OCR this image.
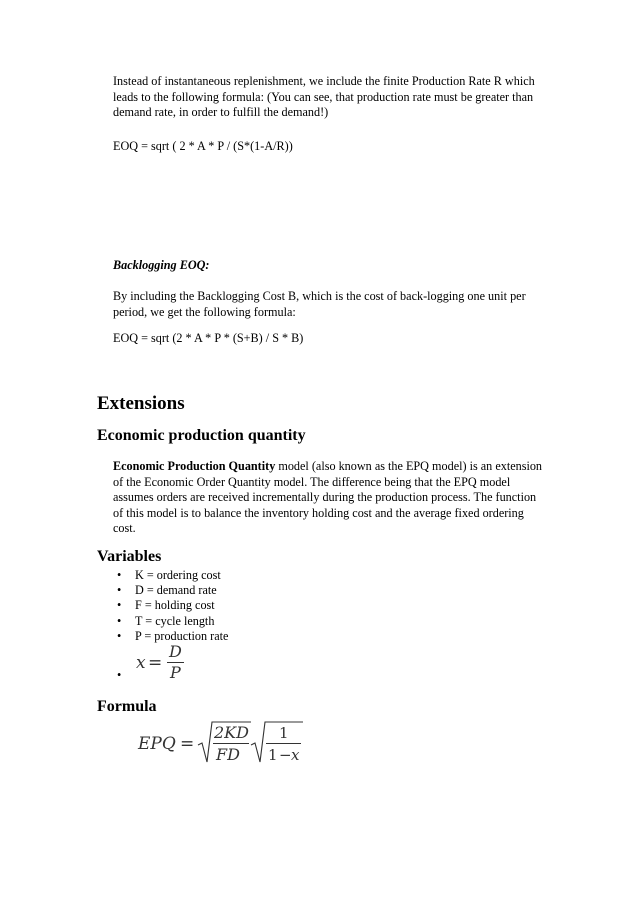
Instead of instantaneous replenishment, we include the finite Production Rate R which leads to the following formula: (You can see, that production rate must be greater than demand rate, in order to fulfill the demand!)

EOQ = sqrt ( 2 * A * P / (S*(1-A/R))

Backlogging EOQ:

By including the Backlogging Cost B, which is the cost of back-logging one unit per period, we get the following formula:

EOQ = sqrt (2 * A * P * (S+B) / S * B)

Extensions
Economic production quantity

Economic Production Quantity model (also known as the EPQ model) is an extension of the Economic Order Quantity model. The difference being that the EPQ model assumes orders are received incrementally during the production process. The function of this model is to balance the inventory holding cost and the average fixed ordering cost.

Variables
• K = ordering cost
• D = demand rate
• F = holding cost
• T = cycle length
• P = production rate
•
x =
D
P
Formula
EPQ =
2KD
FD
1
1 − x
